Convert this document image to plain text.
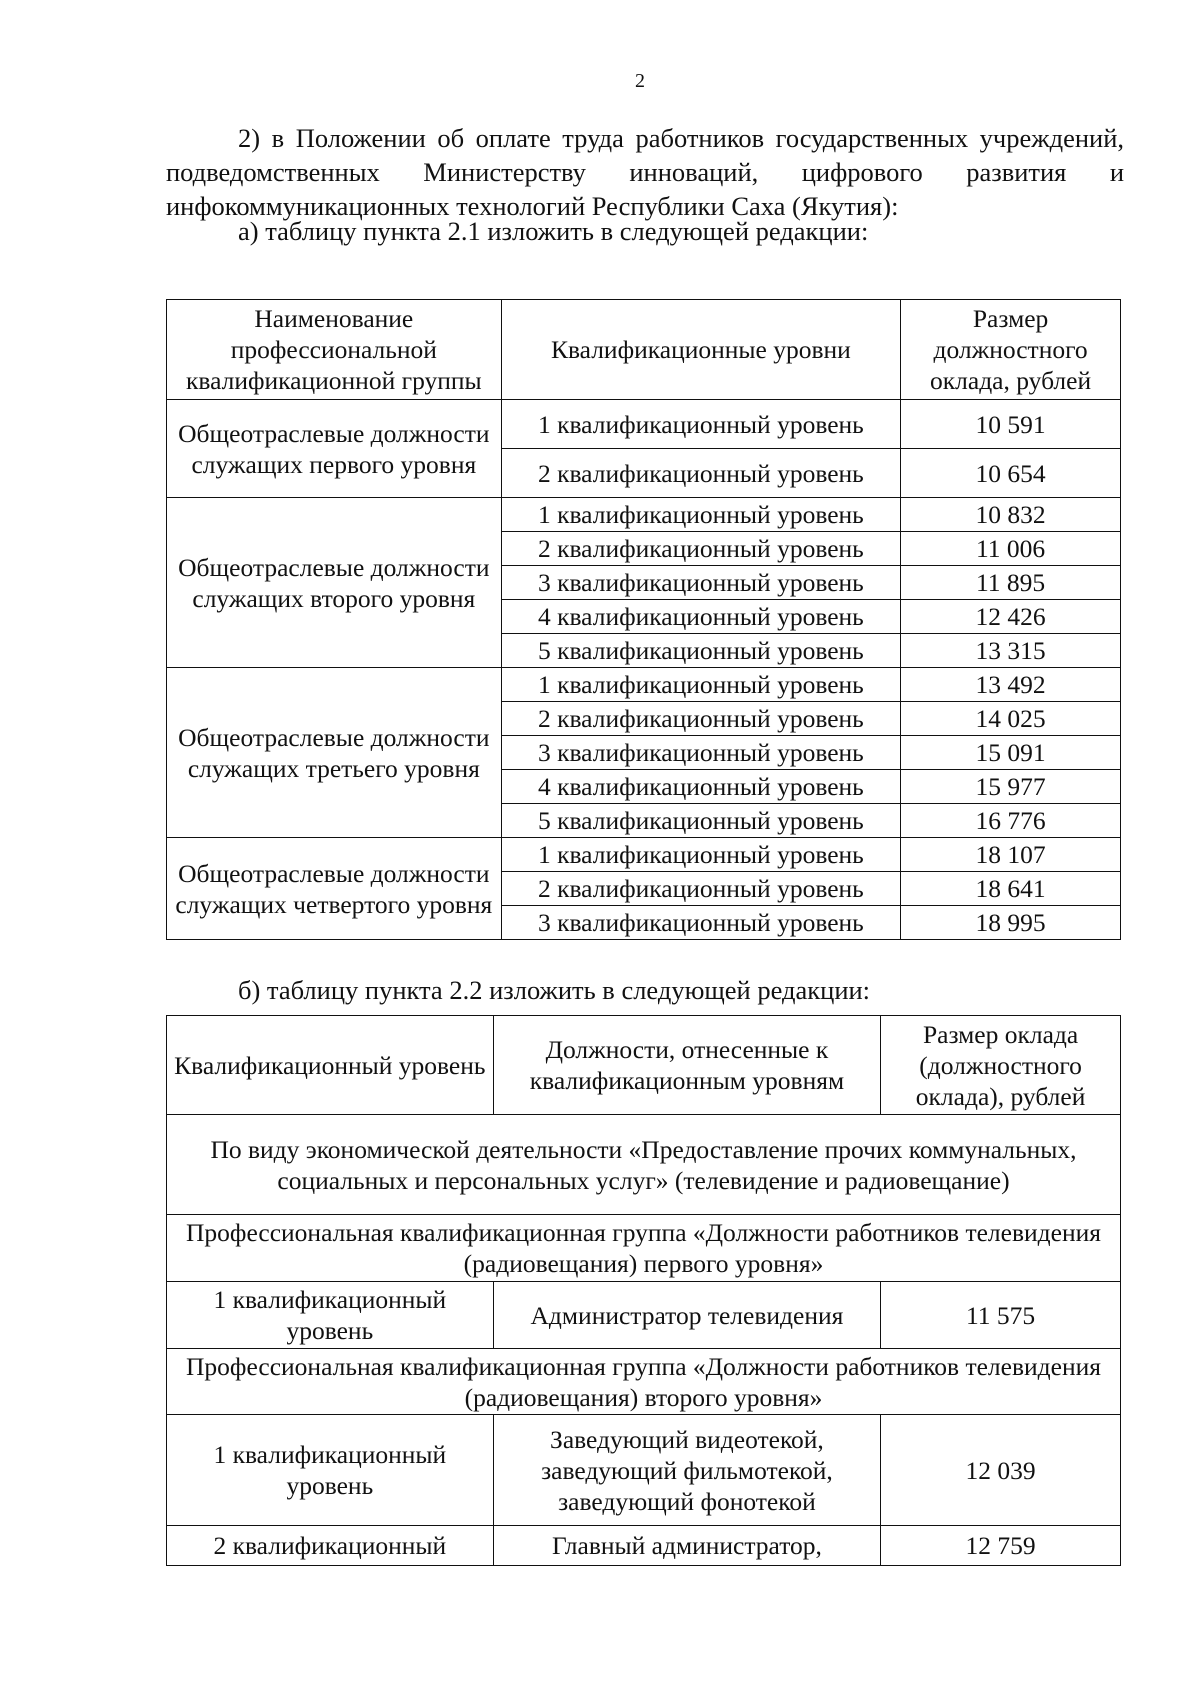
2
2) в Положении об оплате труда работников государственных учреждений, подведомственных Министерству инноваций, цифрового развития и инфокоммуникационных технологий Республики Саха (Якутия):
а) таблицу пункта 2.1 изложить в следующей редакции:
Наименование профессиональной квалификационной группы	Квалификационные уровни	Размер должностного оклада, рублей
Общеотраслевые должности служащих первого уровня	1 квалификационный уровень	10 591
	2 квалификационный уровень	10 654
Общеотраслевые должности служащих второго уровня	1 квалификационный уровень	10 832
	2 квалификационный уровень	11 006
	3 квалификационный уровень	11 895
	4 квалификационный уровень	12 426
	5 квалификационный уровень	13 315
Общеотраслевые должности служащих третьего уровня	1 квалификационный уровень	13 492
	2 квалификационный уровень	14 025
	3 квалификационный уровень	15 091
	4 квалификационный уровень	15 977
	5 квалификационный уровень	16 776
Общеотраслевые должности служащих четвертого уровня	1 квалификационный уровень	18 107
	2 квалификационный уровень	18 641
	3 квалификационный уровень	18 995
б) таблицу пункта 2.2 изложить в следующей редакции:
Квалификационный уровень	Должности, отнесенные к квалификационным уровням	Размер оклада (должностного оклада), рублей
По виду экономической деятельности «Предоставление прочих коммунальных, социальных и персональных услуг» (телевидение и радиовещание)		
Профессиональная квалификационная группа «Должности работников телевидения (радиовещания) первого уровня»		
1 квалификационный уровень	Администратор телевидения	11 575
Профессиональная квалификационная группа «Должности работников телевидения (радиовещания) второго уровня»		
1 квалификационный уровень	Заведующий видеотекой, заведующий фильмотекой, заведующий фонотекой	12 039
2 квалификационный	Главный администратор,	12 759
